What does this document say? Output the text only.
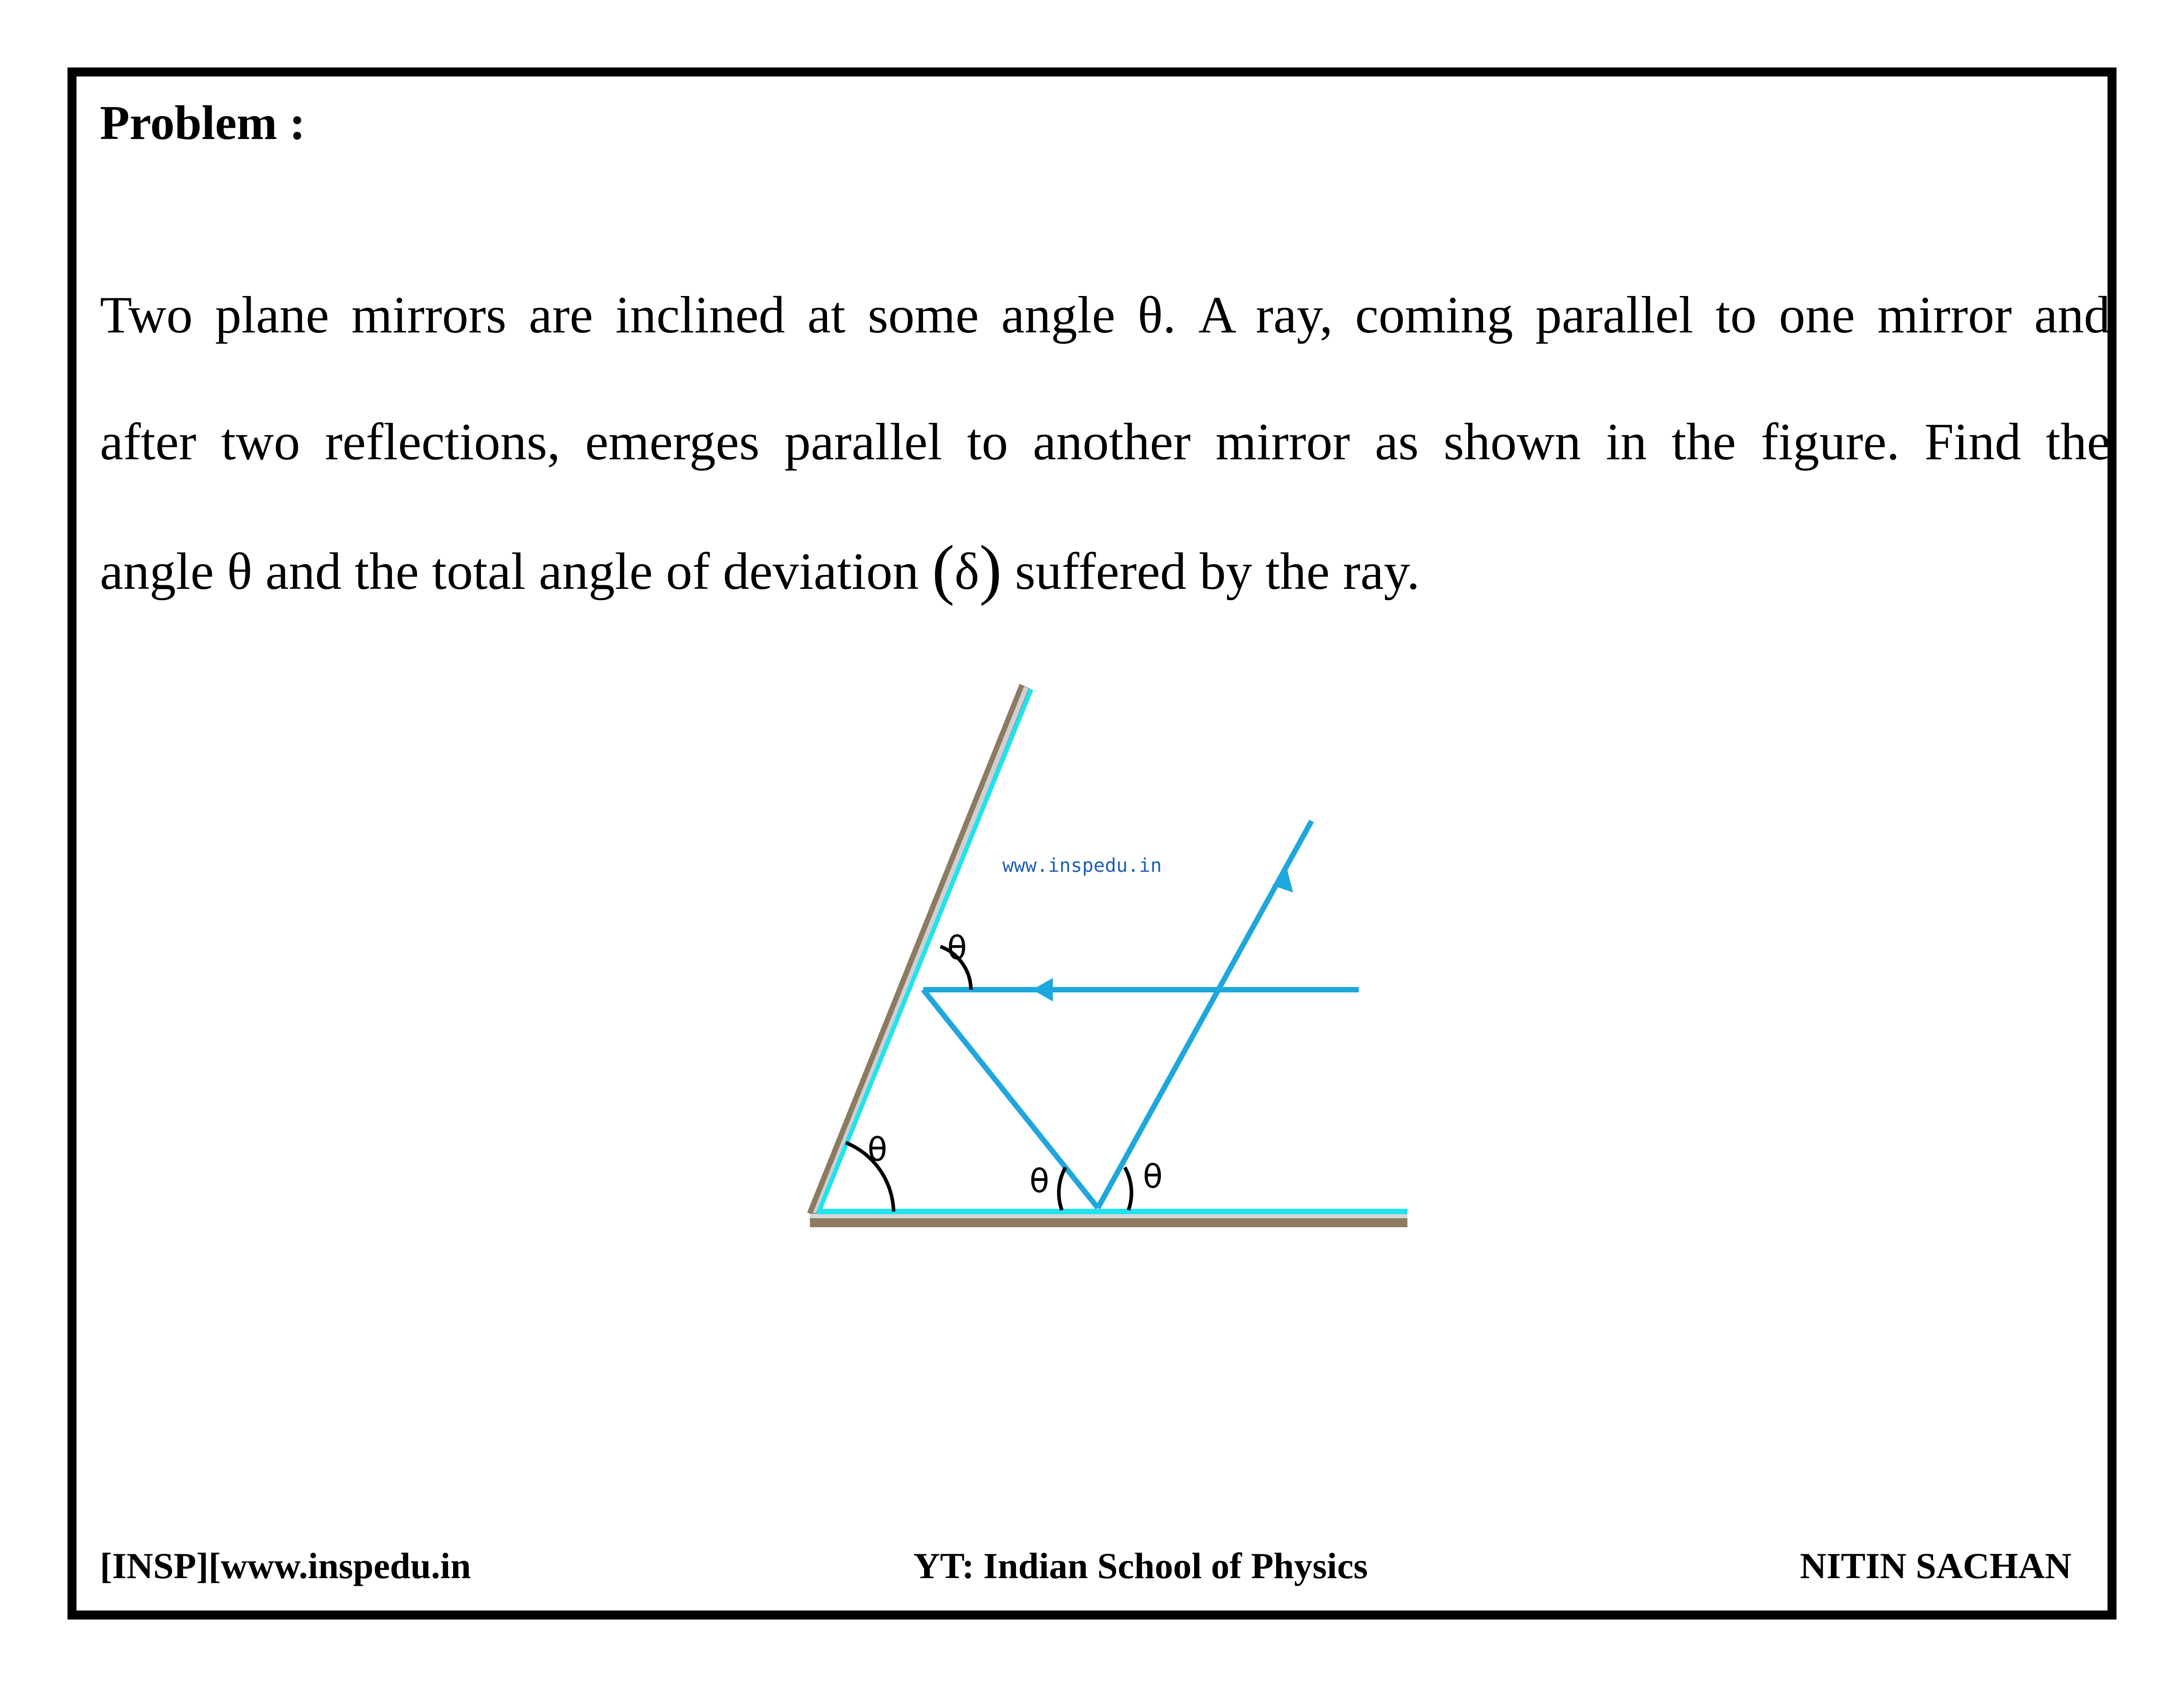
Problem :
Two plane mirrors are inclined at some angle θ. A ray, coming parallel to one mirror and
after two reflections, emerges parallel to another mirror as shown in the figure. Find the
angle θ and the total angle of deviation (δ) suffered by the ray.
θ
θ
θ	θ
www.inspedu.in
[INSP][www.inspedu.in	YT: Indian School of Physics	NITIN SACHAN
